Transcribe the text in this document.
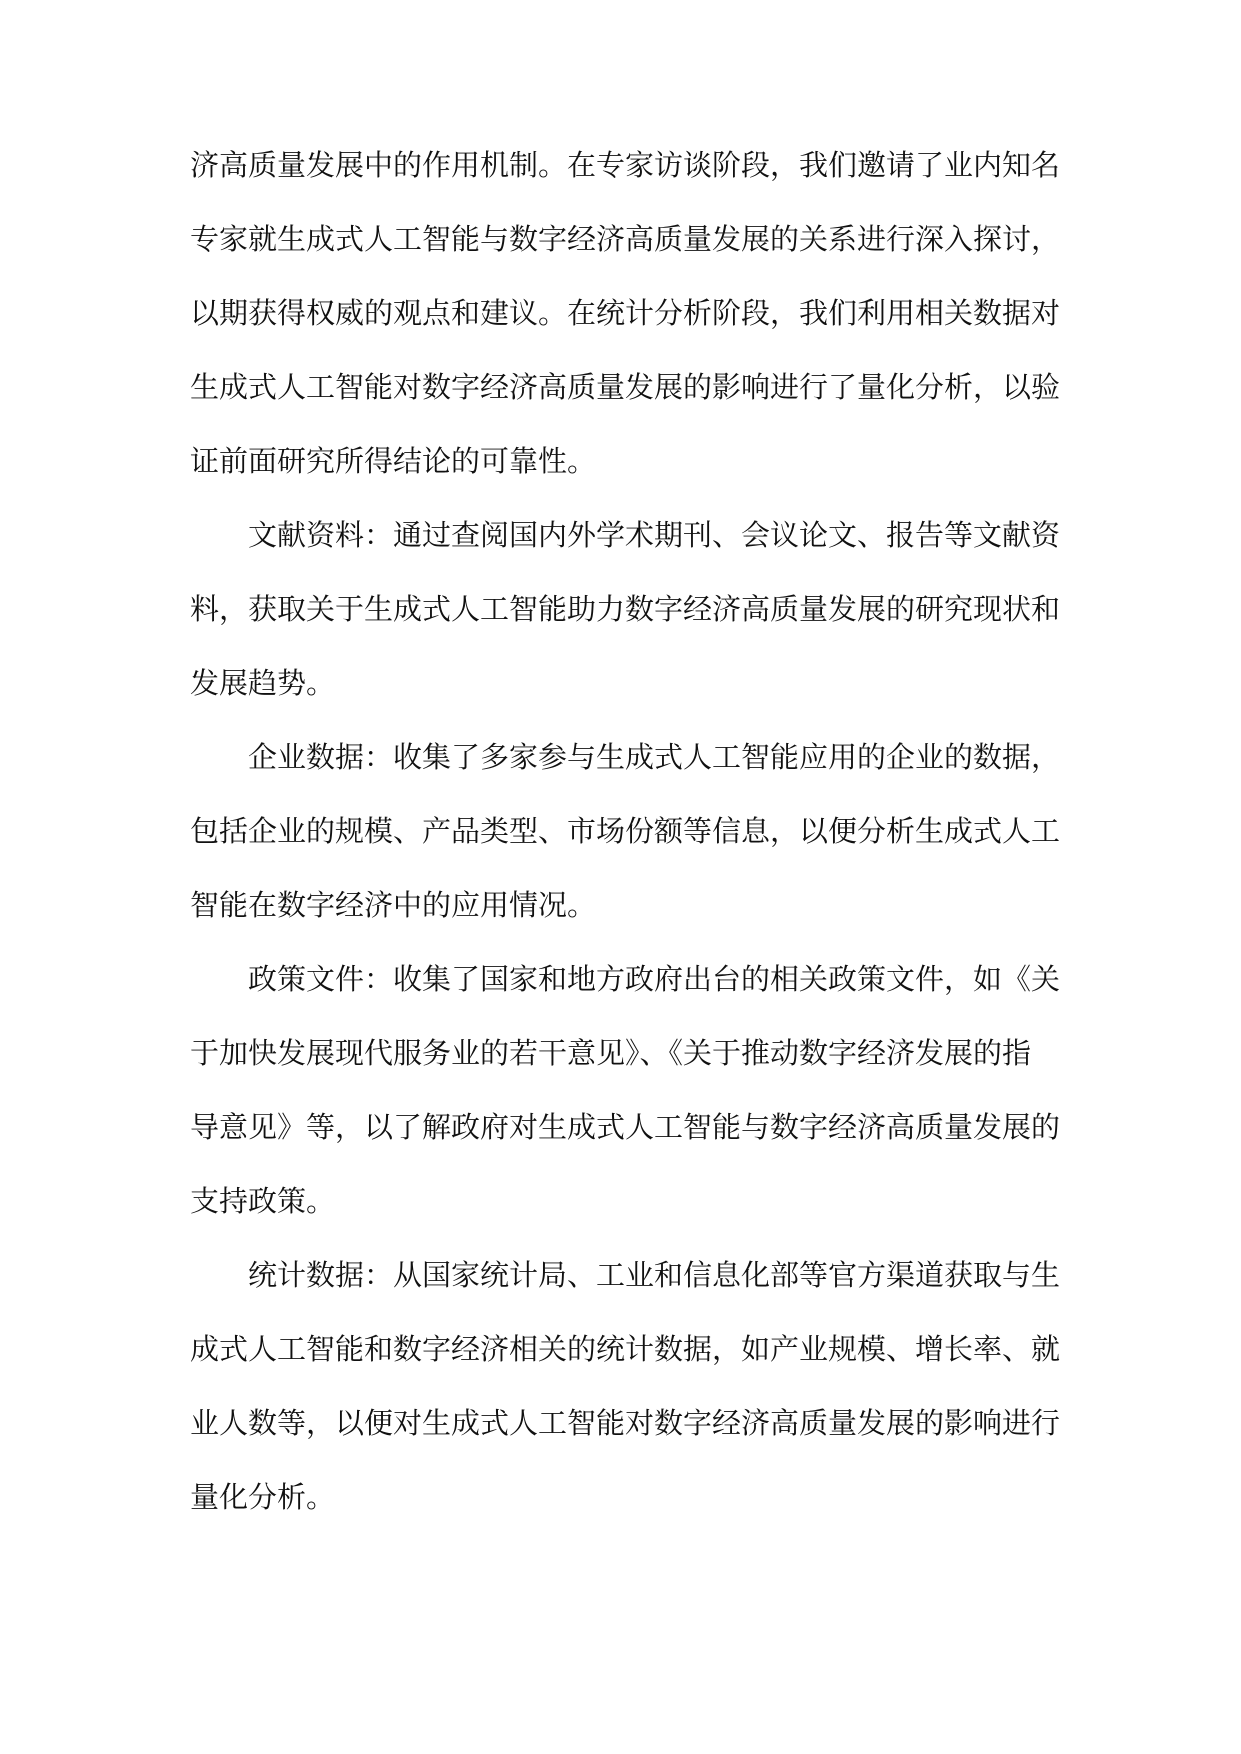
济高质量发展中的作用机制。在专家访谈阶段，我们邀请了业内知名

专家就生成式人工智能与数字经济高质量发展的关系进行深入探讨，

以期获得权威的观点和建议。在统计分析阶段，我们利用相关数据对

生成式人工智能对数字经济高质量发展的影响进行了量化分析，以验

证前面研究所得结论的可靠性。

　　文献资料：通过查阅国内外学术期刊、会议论文、报告等文献资

料，获取关于生成式人工智能助力数字经济高质量发展的研究现状和

发展趋势。

　　企业数据：收集了多家参与生成式人工智能应用的企业的数据，

包括企业的规模、产品类型、市场份额等信息，以便分析生成式人工

智能在数字经济中的应用情况。

　　政策文件：收集了国家和地方政府出台的相关政策文件，如《关

于加快发展现代服务业的若干意见》、《关于推动数字经济发展的指

导意见》等，以了解政府对生成式人工智能与数字经济高质量发展的

支持政策。

　　统计数据：从国家统计局、工业和信息化部等官方渠道获取与生

成式人工智能和数字经济相关的统计数据，如产业规模、增长率、就

业人数等，以便对生成式人工智能对数字经济高质量发展的影响进行

量化分析。
